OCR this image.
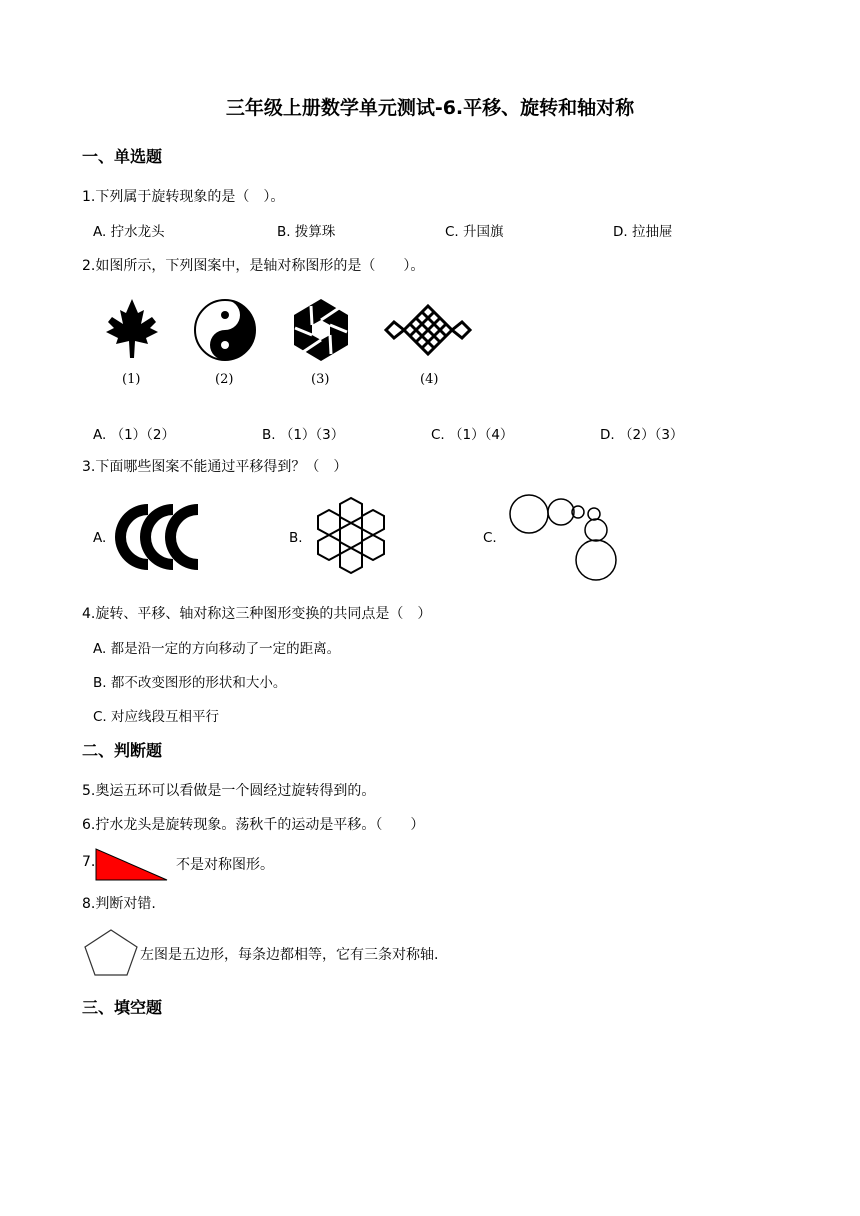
三年级上册数学单元测试-6.平移、旋转和轴对称
一、单选题
1.下列属于旋转现象的是（　）。
A. 拧水龙头	B. 拨算珠	C. 升国旗	D. 拉抽屉
2.如图所示，下列图案中，是轴对称图形的是（　　）。
(1)	(2)	(3)	(4)
A. （1）（2）	B. （1）（3）	C. （1）（4）	D. （2）（3）
3.下面哪些图案不能通过平移得到？（　）
A.	B.	C.
4.旋转、平移、轴对称这三种图形变换的共同点是（　）
A. 都是沿一定的方向移动了一定的距离。
B. 都不改变图形的形状和大小。
C. 对应线段互相平行
二、判断题
5.奥运五环可以看做是一个圆经过旋转得到的。
6.拧水龙头是旋转现象。荡秋千的运动是平移。（　　）
7.	不是对称图形。
8.判断对错.
左图是五边形，每条边都相等，它有三条对称轴.
三、填空题
